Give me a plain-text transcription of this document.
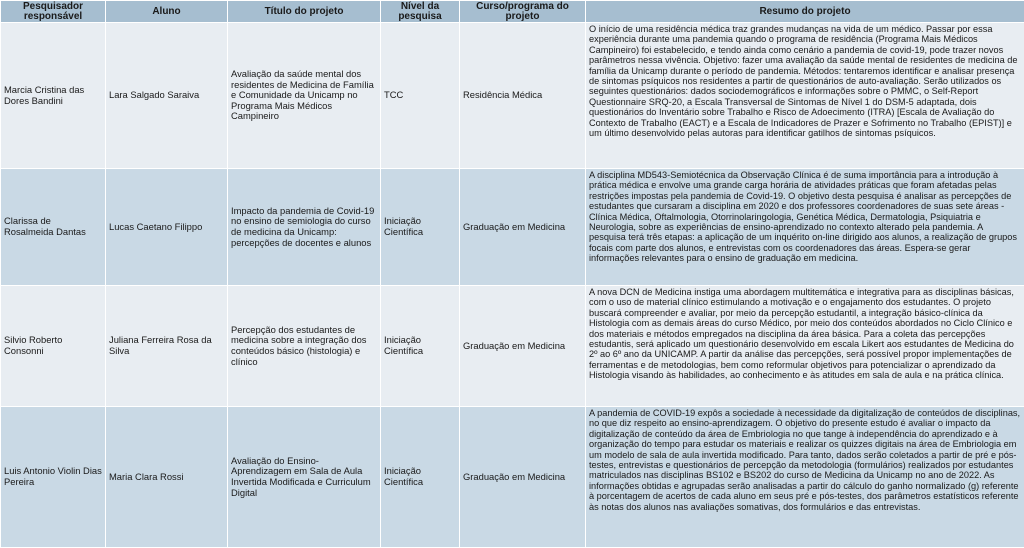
Pesquisador responsável	Aluno	Título do projeto	Nível da pesquisa	Curso/programa do projeto	Resumo do projeto
Marcia Cristina das Dores Bandini	Lara Salgado Saraiva	Avaliação da saúde mental dos residentes de Medicina de Família e Comunidade da Unicamp no Programa Mais Médicos Campineiro	TCC	Residência Médica	O início de uma residência médica traz grandes mudanças na vida de um médico. Passar por essa experiência durante uma pandemia quando o programa de residência (Programa Mais Médicos Campineiro) foi estabelecido, e tendo ainda como cenário a pandemia de covid-19, pode trazer novos parâmetros nessa vivência. Objetivo: fazer uma avaliação da saúde mental de residentes de medicina de família da Unicamp durante o período de pandemia. Métodos: tentaremos identificar e analisar presença de sintomas psíquicos nos residentes a partir de questionários de auto-avaliação. Serão utilizados os seguintes questionários: dados sociodemográficos e informações sobre o PMMC, o Self-Report Questionnaire SRQ-20, a Escala Transversal de Sintomas de Nível 1 do DSM-5 adaptada, dois questionários do Inventário sobre Trabalho e Risco de Adoecimento (ITRA) [Escala de Avaliação do Contexto de Trabalho (EACT) e a Escala de Indicadores de Prazer e Sofrimento no Trabalho (EPIST)] e um último desenvolvido pelas autoras para identificar gatilhos de sintomas psíquicos.
Clarissa de Rosalmeida Dantas	Lucas Caetano Filippo	Impacto da pandemia de Covid-19 no ensino de semiologia do curso de medicina da Unicamp: percepções de docentes e alunos	Iniciação Científica	Graduação em Medicina	A disciplina MD543-Semiotécnica da Observação Clínica é de suma importância para a introdução à prática médica e envolve uma grande carga horária de atividades práticas que foram afetadas pelas restrições impostas pela pandemia de Covid-19. O objetivo desta pesquisa é analisar as percepções de estudantes que cursaram a disciplina em 2020 e dos professores coordenadores de suas sete áreas - Clínica Médica, Oftalmologia, Otorrinolaringologia, Genética Médica, Dermatologia, Psiquiatria e Neurologia, sobre as experiências de ensino-aprendizado no contexto alterado pela pandemia. A pesquisa terá três etapas: a aplicação de um inquérito on-line dirigido aos alunos, a realização de grupos focais com parte dos alunos, e entrevistas com os coordenadores das áreas. Espera-se gerar informações relevantes para o ensino de graduação em medicina.
Silvio Roberto Consonni	Juliana Ferreira Rosa da Silva	Percepção dos estudantes de medicina sobre a integração dos conteúdos básico (histologia) e clínico	Iniciação Científica	Graduação em Medicina	A nova DCN de Medicina instiga uma abordagem multitemática e integrativa para as disciplinas básicas, com o uso de material clínico estimulando a motivação e o engajamento dos estudantes. O projeto buscará compreender e avaliar, por meio da percepção estudantil, a integração básico-clínica da Histologia com as demais áreas do curso Médico, por meio dos conteúdos abordados no Ciclo Clínico e dos materiais e métodos empregados na disciplina da área básica. Para a coleta das percepções estudantis, será aplicado um questionário desenvolvido em escala Likert aos estudantes de Medicina do 2º ao 6º ano da UNICAMP. A partir da análise das percepções, será possível propor implementações de ferramentas e de metodologias, bem como reformular objetivos para potencializar o aprendizado da Histologia visando às habilidades, ao conhecimento e às atitudes em sala de aula e na prática clínica.
Luis Antonio Violin Dias Pereira	Maria Clara Rossi	Avaliação do Ensino-Aprendizagem em Sala de Aula Invertida Modificada e Curriculum Digital	Iniciação Científica	Graduação em Medicina	A pandemia de COVID-19 expôs a sociedade à necessidade da digitalização de conteúdos de disciplinas, no que diz respeito ao ensino-aprendizagem. O objetivo do presente estudo é avaliar o impacto da digitalização de conteúdo da área de Embriologia no que tange à independência do aprendizado e à organização do tempo para estudar os materiais e realizar os quizzes digitais na área de Embriologia em um modelo de sala de aula invertida modificado. Para tanto, dados serão coletados a partir de pré e pós-testes, entrevistas e questionários de percepção da metodologia (formulários) realizados por estudantes matriculados nas disciplinas BS102 e BS202 do curso de Medicina da Unicamp no ano de 2022. As informações obtidas e agrupadas serão analisadas a partir do cálculo do ganho normalizado (g) referente à porcentagem de acertos de cada aluno em seus pré e pós-testes, dos parâmetros estatísticos referente às notas dos alunos nas avaliações somativas, dos formulários e das entrevistas.
